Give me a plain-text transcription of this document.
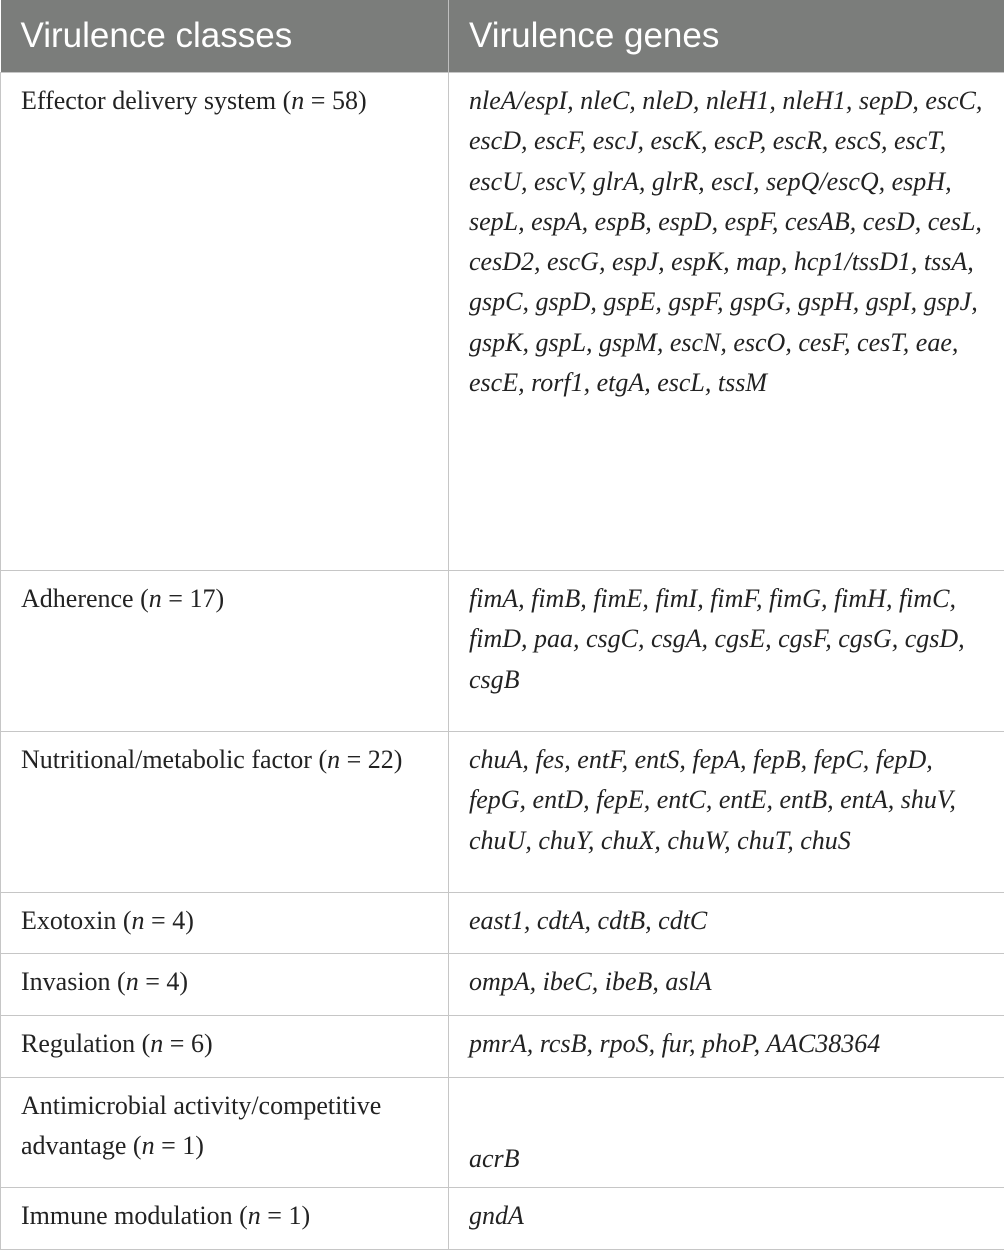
Virulence classes	Virulence genes
Effector delivery system (n = 58)	nleA/espI, nleC, nleD, nleH1, nleH1, sepD, escC, escD, escF, escJ, escK, escP, escR, escS, escT, escU, escV, glrA, glrR, escI, sepQ/escQ, espH, sepL, espA, espB, espD, espF, cesAB, cesD, cesL, cesD2, escG, espJ, espK, map, hcp1/tssD1, tssA, gspC, gspD, gspE, gspF, gspG, gspH, gspI, gspJ, gspK, gspL, gspM, escN, escO, cesF, cesT, eae, escE, rorf1, etgA, escL, tssM
Adherence (n = 17)	fimA, fimB, fimE, fimI, fimF, fimG, fimH, fimC, fimD, paa, csgC, csgA, cgsE, cgsF, cgsG, cgsD, csgB
Nutritional/metabolic factor (n = 22)	chuA, fes, entF, entS, fepA, fepB, fepC, fepD, fepG, entD, fepE, entC, entE, entB, entA, shuV, chuU, chuY, chuX, chuW, chuT, chuS
Exotoxin (n = 4)	east1, cdtA, cdtB, cdtC
Invasion (n = 4)	ompA, ibeC, ibeB, aslA
Regulation (n = 6)	pmrA, rcsB, rpoS, fur, phoP, AAC38364
Antimicrobial activity/competitive advantage (n = 1)	acrB
Immune modulation (n = 1)	gndA
